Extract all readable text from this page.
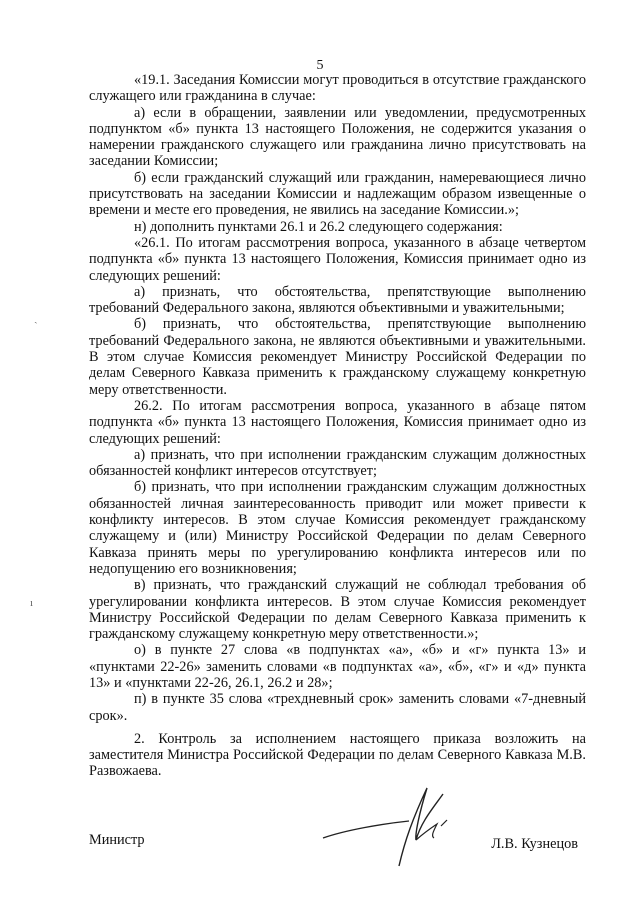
5

«19.1. Заседания Комиссии могут проводиться в отсутствие гражданского служащего или гражданина в случае:

а) если в обращении, заявлении или уведомлении, предусмотренных подпунктом «б» пункта 13 настоящего Положения, не содержится указания о намерении гражданского служащего или гражданина лично присутствовать на заседании Комиссии;

б) если гражданский служащий или гражданин, намеревающиеся лично присутствовать на заседании Комиссии и надлежащим образом извещенные о времени и месте его проведения, не явились на заседание Комиссии.»;

н) дополнить пунктами 26.1 и 26.2 следующего содержания:

«26.1. По итогам рассмотрения вопроса, указанного в абзаце четвертом подпункта «б» пункта 13 настоящего Положения, Комиссия принимает одно из следующих решений:

а) признать, что обстоятельства, препятствующие выполнению требований Федерального закона, являются объективными и уважительными;

б) признать, что обстоятельства, препятствующие выполнению требований Федерального закона, не являются объективными и уважительными. В этом случае Комиссия рекомендует Министру Российской Федерации по делам Северного Кавказа применить к гражданскому служащему конкретную меру ответственности.

26.2. По итогам рассмотрения вопроса, указанного в абзаце пятом подпункта «б» пункта 13 настоящего Положения, Комиссия принимает одно из следующих решений:

а) признать, что при исполнении гражданским служащим должностных обязанностей конфликт интересов отсутствует;

б) признать, что при исполнении гражданским служащим должностных обязанностей личная заинтересованность приводит или может привести к конфликту интересов. В этом случае Комиссия рекомендует гражданскому служащему и (или) Министру Российской Федерации по делам Северного Кавказа принять меры по урегулированию конфликта интересов или по недопущению его возникновения;

в) признать, что гражданский служащий не соблюдал требования об урегулировании конфликта интересов. В этом случае Комиссия рекомендует Министру Российской Федерации по делам Северного Кавказа применить к гражданскому служащему конкретную меру ответственности.»;

о) в пункте 27 слова «в подпунктах «а», «б» и «г» пункта 13» и «пунктами 22-26» заменить словами «в подпунктах «а», «б», «г» и «д» пункта 13» и «пунктами 22-26, 26.1, 26.2 и 28»;

п) в пункте 35 слова «трехдневный срок» заменить словами «7-дневный срок».

2. Контроль за исполнением настоящего приказа возложить на заместителя Министра Российской Федерации по делам Северного Кавказа М.В. Развожаева.

ˎ
ı
Министр	Л.В. Кузнецов
